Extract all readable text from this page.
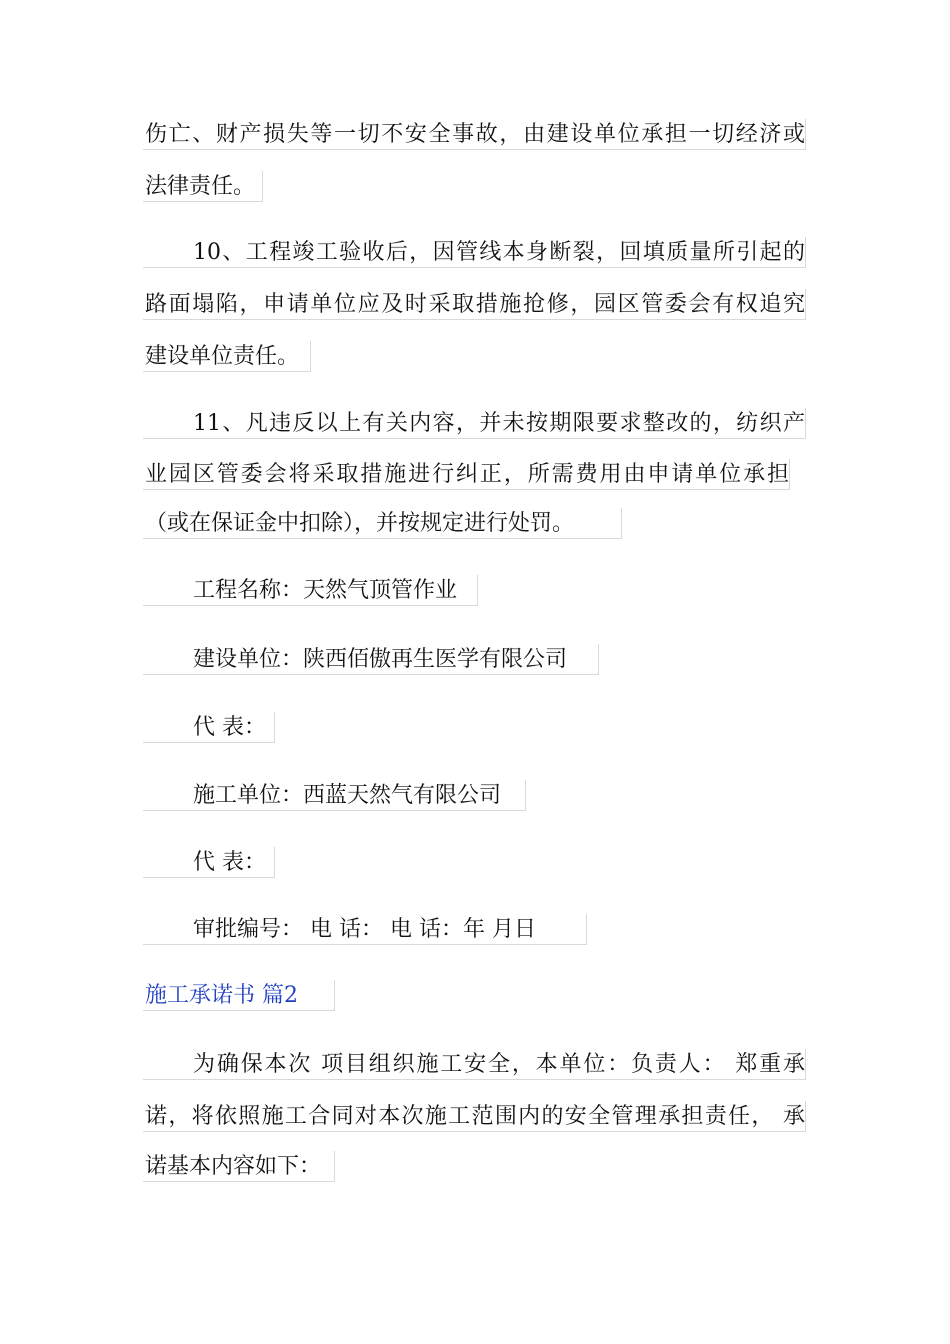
伤亡、财产损失等一切不安全事故，由建设单位承担一切经济或
法律责任。
10、工程竣工验收后，因管线本身断裂，回填质量所引起的
路面塌陷，申请单位应及时采取措施抢修，园区管委会有权追究
建设单位责任。
11、凡违反以上有关内容，并未按期限要求整改的，纺织产
业园区管委会将采取措施进行纠正，所需费用由申请单位承担
（或在保证金中扣除），并按规定进行处罚。
工程名称：天然气顶管作业
建设单位：陕西佰傲再生医学有限公司
代 表：
施工单位：西蓝天然气有限公司
代 表：
审批编号： 电 话： 电 话：年 月日
施工承诺书 篇2
为确保本次 项目组织施工安全，本单位：负责人： 郑重承
诺，将依照施工合同对本次施工范围内的安全管理承担责任， 承
诺基本内容如下：
